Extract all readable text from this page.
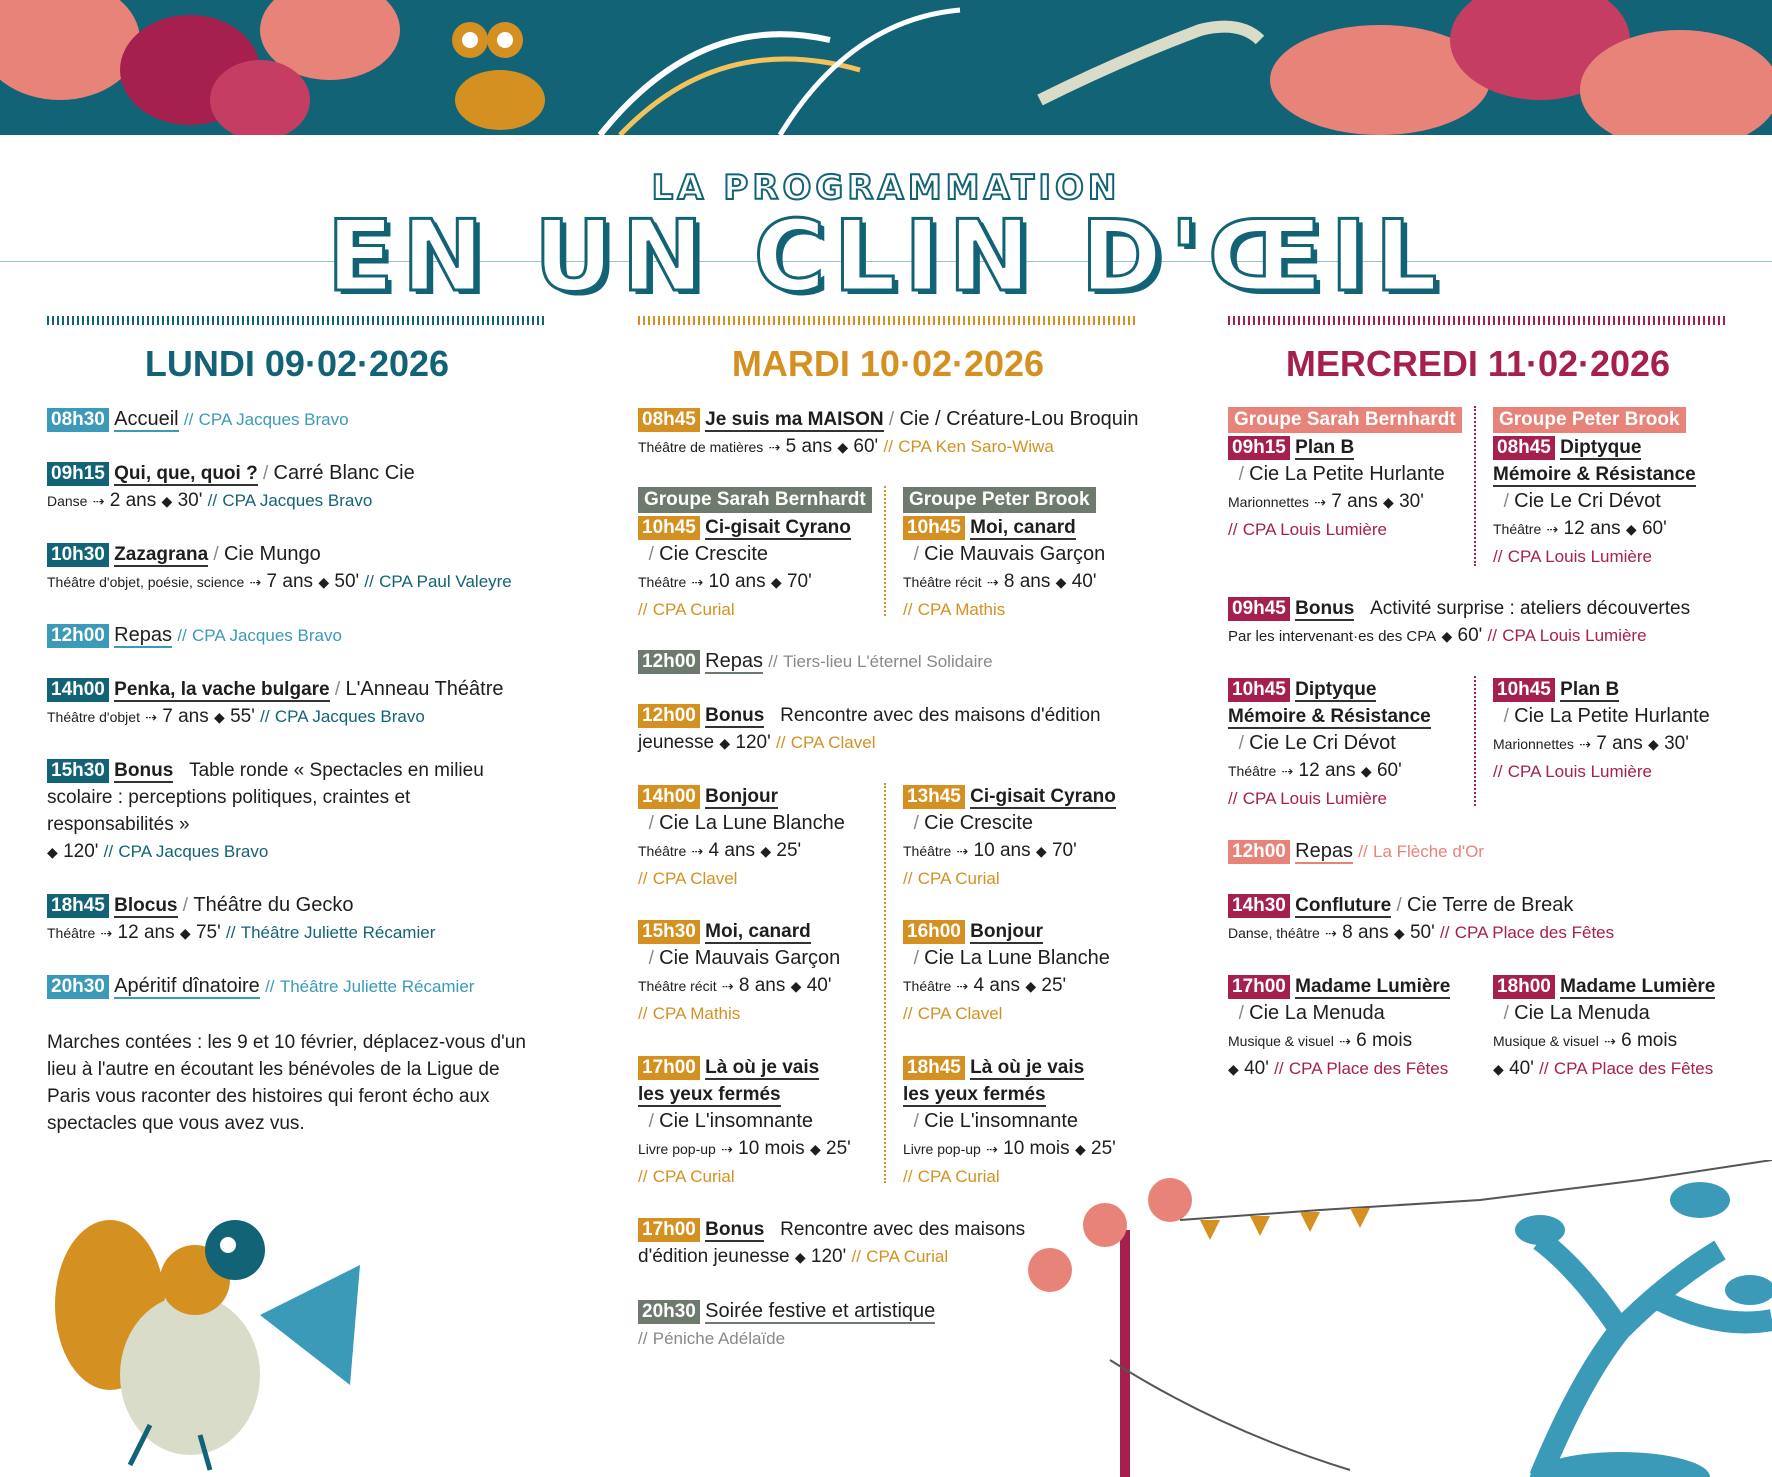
LA PROGRAMMATION
EN UN CLIN D'ŒIL
LUNDI 09·02·2026	MARDI 10·02·2026	MERCREDI 11·02·2026
08h30 Accueil // CPA Jacques Bravo
09h15 Qui, que, quoi ? / Carré Blanc Cie
Danse ⇢ 2 ans ◆ 30' // CPA Jacques Bravo
10h30 Zazagrana / Cie Mungo
Théâtre d'objet, poésie, science ⇢ 7 ans ◆ 50' // CPA Paul Valeyre
12h00 Repas // CPA Jacques Bravo
14h00 Penka, la vache bulgare / L'Anneau Théâtre
Théâtre d'objet ⇢ 7 ans ◆ 55' // CPA Jacques Bravo
15h30 Bonus Table ronde « Spectacles en milieu
scolaire : perceptions politiques, craintes et
responsabilités »
◆ 120' // CPA Jacques Bravo
18h45 Blocus / Théâtre du Gecko
Théâtre ⇢ 12 ans ◆ 75' // Théâtre Juliette Récamier
20h30 Apéritif dînatoire // Théâtre Juliette Récamier
Marches contées : les 9 et 10 février, déplacez-vous d'un lieu à l'autre en écoutant les bénévoles de la Ligue de Paris vous raconter des histoires qui feront écho aux spectacles que vous avez vus.
08h45 Je suis ma MAISON / Cie / Créature-Lou Broquin
Théâtre de matières ⇢ 5 ans ◆ 60' // CPA Ken Saro-Wiwa
Groupe Sarah Bernhardt	Groupe Peter Brook
10h45 Ci-gisait Cyrano
/ Cie Crescite
Théâtre ⇢ 10 ans ◆ 70'
// CPA Curial
10h45 Moi, canard
/ Cie Mauvais Garçon
Théâtre récit ⇢ 8 ans ◆ 40'
// CPA Mathis
12h00 Repas // Tiers-lieu L'éternel Solidaire
12h00 Bonus Rencontre avec des maisons d'édition
jeunesse ◆ 120' // CPA Clavel
14h00 Bonjour
/ Cie La Lune Blanche
Théâtre ⇢ 4 ans ◆ 25'
// CPA Clavel
13h45 Ci-gisait Cyrano
/ Cie Crescite
Théâtre ⇢ 10 ans ◆ 70'
// CPA Curial
15h30 Moi, canard
/ Cie Mauvais Garçon
Théâtre récit ⇢ 8 ans ◆ 40'
// CPA Mathis
16h00 Bonjour
/ Cie La Lune Blanche
Théâtre ⇢ 4 ans ◆ 25'
// CPA Clavel
17h00 Là où je vais
les yeux fermés
/ Cie L'insomnante
Livre pop-up ⇢ 10 mois ◆ 25'
// CPA Curial
18h45 Là où je vais
les yeux fermés
/ Cie L'insomnante
Livre pop-up ⇢ 10 mois ◆ 25'
// CPA Curial
17h00 Bonus Rencontre avec des maisons
d'édition jeunesse ◆ 120' // CPA Curial
20h30 Soirée festive et artistique
// Péniche Adélaïde
Groupe Sarah Bernhardt	Groupe Peter Brook
09h15 Plan B
/ Cie La Petite Hurlante
Marionnettes ⇢ 7 ans ◆ 30'
// CPA Louis Lumière
08h45 Diptyque
Mémoire & Résistance
/ Cie Le Cri Dévot
Théâtre ⇢ 12 ans ◆ 60'
// CPA Louis Lumière
09h45 Bonus Activité surprise : ateliers découvertes
Par les intervenant·es des CPA ◆ 60' // CPA Louis Lumière
10h45 Diptyque
Mémoire & Résistance
/ Cie Le Cri Dévot
Théâtre ⇢ 12 ans ◆ 60'
// CPA Louis Lumière
10h45 Plan B
/ Cie La Petite Hurlante
Marionnettes ⇢ 7 ans ◆ 30'
// CPA Louis Lumière
12h00 Repas // La Flèche d'Or
14h30 Confluture / Cie Terre de Break
Danse, théâtre ⇢ 8 ans ◆ 50' // CPA Place des Fêtes
17h00 Madame Lumière
/ Cie La Menuda
Musique & visuel ⇢ 6 mois
◆ 40' // CPA Place des Fêtes
18h00 Madame Lumière
/ Cie La Menuda
Musique & visuel ⇢ 6 mois
◆ 40' // CPA Place des Fêtes
